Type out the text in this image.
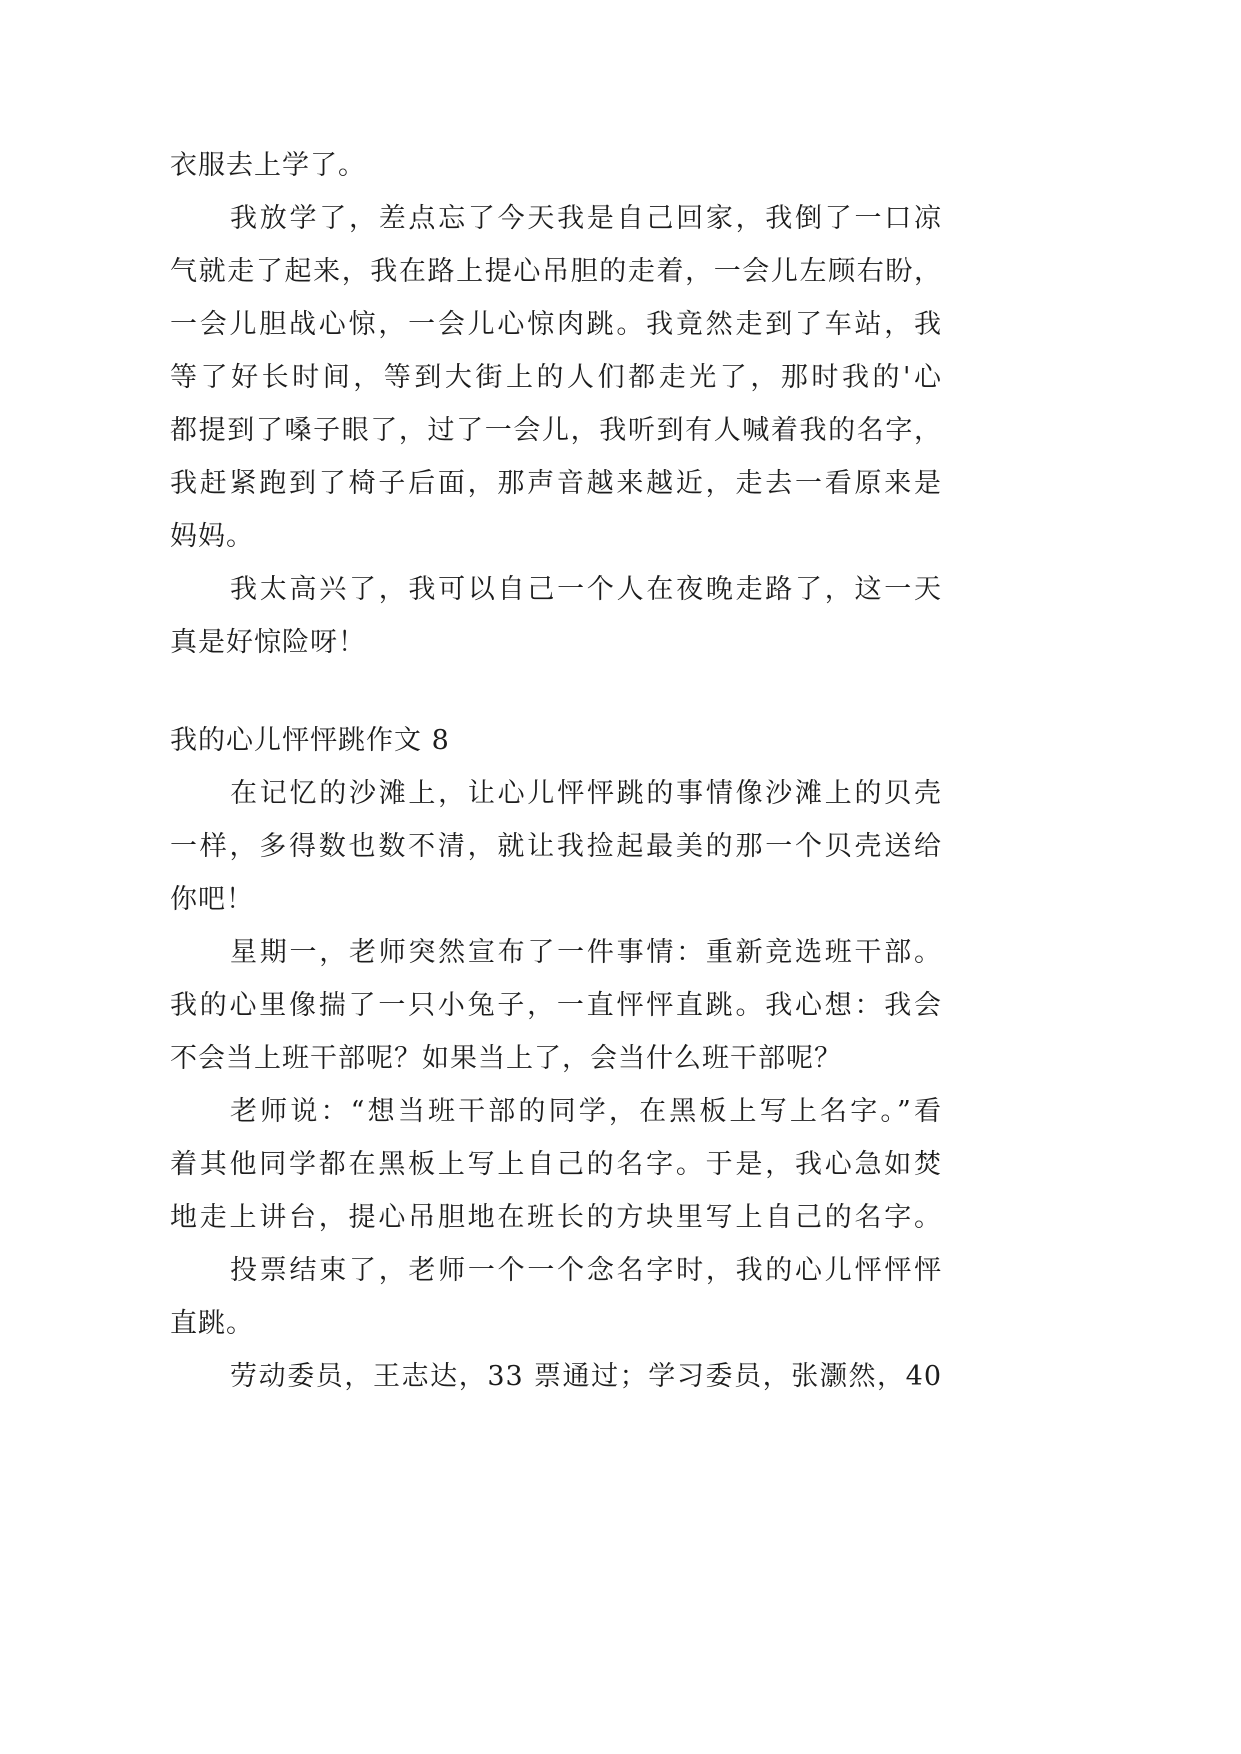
衣服去上学了。
我放学了，差点忘了今天我是自己回家，我倒了一口凉
气就走了起来，我在路上提心吊胆的走着，一会儿左顾右盼，
一会儿胆战心惊，一会儿心惊肉跳。我竟然走到了车站，我
等了好长时间，等到大街上的人们都走光了，那时我的'心
都提到了嗓子眼了，过了一会儿，我听到有人喊着我的名字，
我赶紧跑到了椅子后面，那声音越来越近，走去一看原来是
妈妈。
我太高兴了，我可以自己一个人在夜晚走路了，这一天
真是好惊险呀！
我的心儿怦怦跳作文 8
在记忆的沙滩上，让心儿怦怦跳的事情像沙滩上的贝壳
一样，多得数也数不清，就让我捡起最美的那一个贝壳送给
你吧！
星期一，老师突然宣布了一件事情：重新竞选班干部。
我的心里像揣了一只小兔子，一直怦怦直跳。我心想：我会
不会当上班干部呢？如果当上了，会当什么班干部呢？
老师说：“想当班干部的同学，在黑板上写上名字。”看
着其他同学都在黑板上写上自己的名字。于是，我心急如焚
地走上讲台，提心吊胆地在班长的方块里写上自己的名字。
投票结束了，老师一个一个念名字时，我的心儿怦怦怦
直跳。
劳动委员，王志达，33 票通过；学习委员，张灏然，40
